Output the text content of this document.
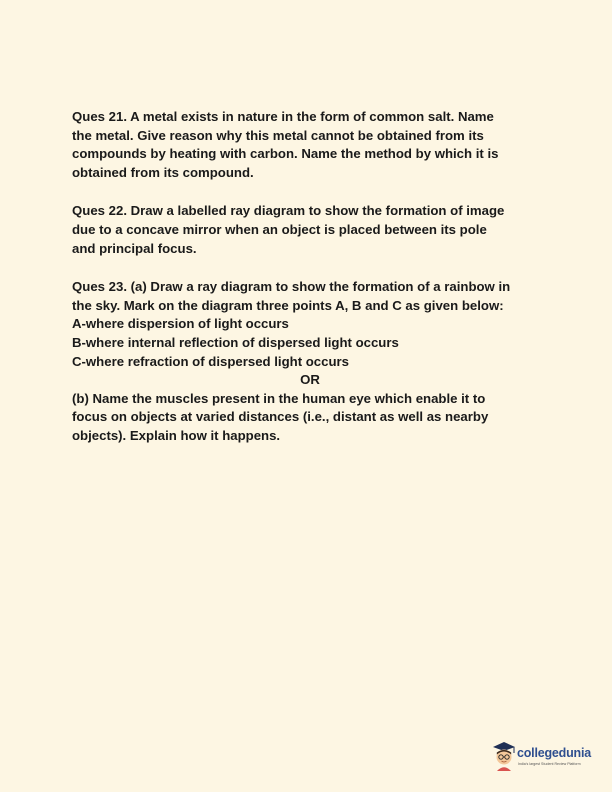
Ques 21. A metal exists in nature in the form of common salt. Name
the metal. Give reason why this metal cannot be obtained from its
compounds by heating with carbon. Name the method by which it is
obtained from its compound.
Ques 22. Draw a labelled ray diagram to show the formation of image
due to a concave mirror when an object is placed between its pole
and principal focus.
Ques 23. (a) Draw a ray diagram to show the formation of a rainbow in
the sky. Mark on the diagram three points A, B and C as given below:
A-where dispersion of light occurs
B-where internal reflection of dispersed light occurs
C-where refraction of dispersed light occurs
OR
(b) Name the muscles present in the human eye which enable it to
focus on objects at varied distances (i.e., distant as well as nearby
objects). Explain how it happens.
collegedunia
India's largest Student Review Platform
